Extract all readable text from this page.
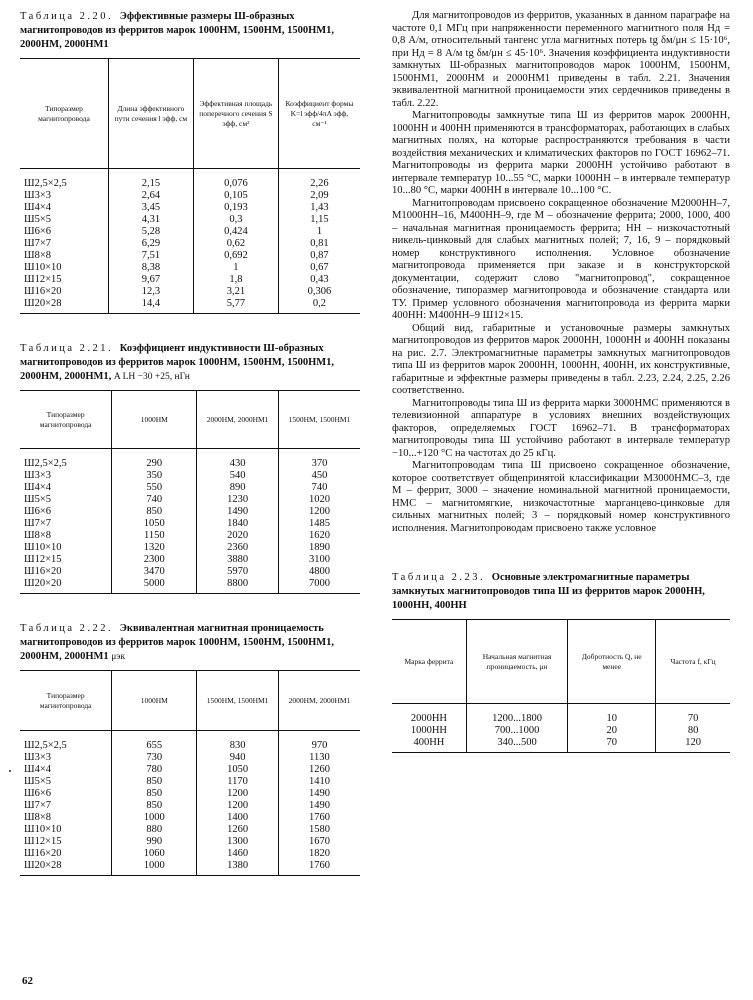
Таблица 2.20. Эффективные размеры Ш-образных магнитопроводов из ферритов марок 1000НМ, 1500НМ, 1500НМ1, 2000НМ, 2000НМ1

Типоразмер магнитопровода	Длина эффективного пути сечения l эфф, см	Эффективная площадь поперечного сечения S эфф, см²	Коэффициент формы K=l эфф/4πA эфф, см⁻¹
Ш2,5×2,5	2,15	0,076	2,26
Ш3×3	2,64	0,105	2,09
Ш4×4	3,45	0,193	1,43
Ш5×5	4,31	0,3	1,15
Ш6×6	5,28	0,424	1
Ш7×7	6,29	0,62	0,81
Ш8×8	7,51	0,692	0,87
Ш10×10	8,38	1	0,67
Ш12×15	9,67	1,8	0,43
Ш16×20	12,3	3,21	0,306
Ш20×28	14,4	5,77	0,2

Таблица 2.21. Коэффициент индуктивности Ш-образных магнитопроводов из ферритов марок 1000НМ, 1500НМ, 1500НМ1, 2000НМ, 2000НМ1, A LH −30 +25, нГн

Типоразмер магнитопровода	1000НМ	2000НМ, 2000НМ1	1500НМ, 1500НМ1
Ш2,5×2,5	290	430	370
Ш3×3	350	540	450
Ш4×4	550	890	740
Ш5×5	740	1230	1020
Ш6×6	850	1490	1200
Ш7×7	1050	1840	1485
Ш8×8	1150	2020	1620
Ш10×10	1320	2360	1890
Ш12×15	2300	3880	3100
Ш16×20	3470	5970	4800
Ш20×20	5000	8800	7000

Таблица 2.22. Эквивалентная магнитная проницаемость магнитопроводов из ферритов марок 1000НМ, 1500НМ, 1500НМ1, 2000НМ, 2000НМ1 μэк

Типоразмер магнитопровода	1000НМ	1500НМ, 1500НМ1	2000НМ, 2000НМ1
Ш2,5×2,5	655	830	970
Ш3×3	730	940	1130
Ш4×4	780	1050	1260
Ш5×5	850	1170	1410
Ш6×6	850	1200	1490
Ш7×7	850	1200	1490
Ш8×8	1000	1400	1760
Ш10×10	880	1260	1580
Ш12×15	990	1300	1670
Ш16×20	1060	1460	1820
Ш20×28	1000	1380	1760

Для магнитопроводов из ферритов, указанных в данном параграфе на частоте 0,1 МГц при напряженности переменного магнитного поля Hд = 0,8 А/м, относительный тангенс угла магнитных потерь tg δм/μн ≤ 15·10⁶, при Hд = 8 А/м tg δм/μн ≤ 45·10⁶. Значения коэффициента индуктивности замкнутых Ш-образных магнитопроводов марок 1000НМ, 1500НМ, 1500НМ1, 2000НМ и 2000НМ1 приведены в табл. 2.21. Значения эквивалентной магнитной проницаемости этих сердечников приведены в табл. 2.22.

Магнитопроводы замкнутые типа Ш из ферритов марок 2000НН, 1000НН и 400НН применяются в трансформаторах, работающих в слабых магнитных полях, на которые распространяются требования в части воздействия механических и климатических факторов по ГОСТ 16962–71. Магнитопроводы из феррита марки 2000НН устойчиво работают в интервале температур 10...55 °С, марки 1000НН – в интервале температур 10...80 °С, марки 400НН в интервале 10...100 °С.

Магнитопроводам присвоено сокращенное обозначение М2000НН–7, М1000НН–16, М400НН–9, где М – обозначение феррита; 2000, 1000, 400 – начальная магнитная проницаемость феррита; НН – низкочастотный никель-цинковый для слабых магнитных полей; 7, 16, 9 – порядковый номер конструктивного исполнения. Условное обозначение магнитопровода применяется при заказе и в конструкторской документации, содержит слово "магнитопровод", сокращенное обозначение, типоразмер магнитопровода и обозначение стандарта или ТУ. Пример условного обозначения магнитопровода из феррита марки 400НН: М400НН–9 Ш12×15.

Общий вид, габаритные и установочные размеры замкнутых магнитопроводов из ферритов марок 2000НН, 1000НН и 400НН показаны на рис. 2.7. Электромагнитные параметры замкнутых магнитопроводов типа Ш из ферритов марок 2000НН, 1000НН, 400НН, их конструктивные, габаритные и эффектные размеры приведены в табл. 2.23, 2.24, 2.25, 2.26 соответственно.

Магнитопроводы типа Ш из феррита марки 3000НМС применяются в телевизионной аппаратуре в условиях внешних воздействующих факторов, определяемых ГОСТ 16962–71. В трансформаторах магнитопроводы типа Ш устойчиво работают в интервале температур −10...+120 °С на частотах до 25 кГц.

Магнитопроводам типа Ш присвоено сокращенное обозначение, которое соответствует общепринятой классификации М3000НМС–3, где М – феррит, 3000 – значение номинальной магнитной проницаемости, НМС – магнитомягкие, низкочастотные марганцево-цинковые для сильных магнитных полей; 3 – порядковый номер конструктивного исполнения. Магнитопроводам присвоено также условное

Таблица 2.23. Основные электромагнитные параметры замкнутых магнитопроводов типа Ш из ферритов марок 2000НН, 1000НН, 400НН

Марка феррита	Начальная магнитная проницаемость, μн	Добротность Q, не менее	Частота f, кГц
2000НН	1200...1800	10	70
1000НН	700...1000	20	80
400НН	340...500	70	120
62
